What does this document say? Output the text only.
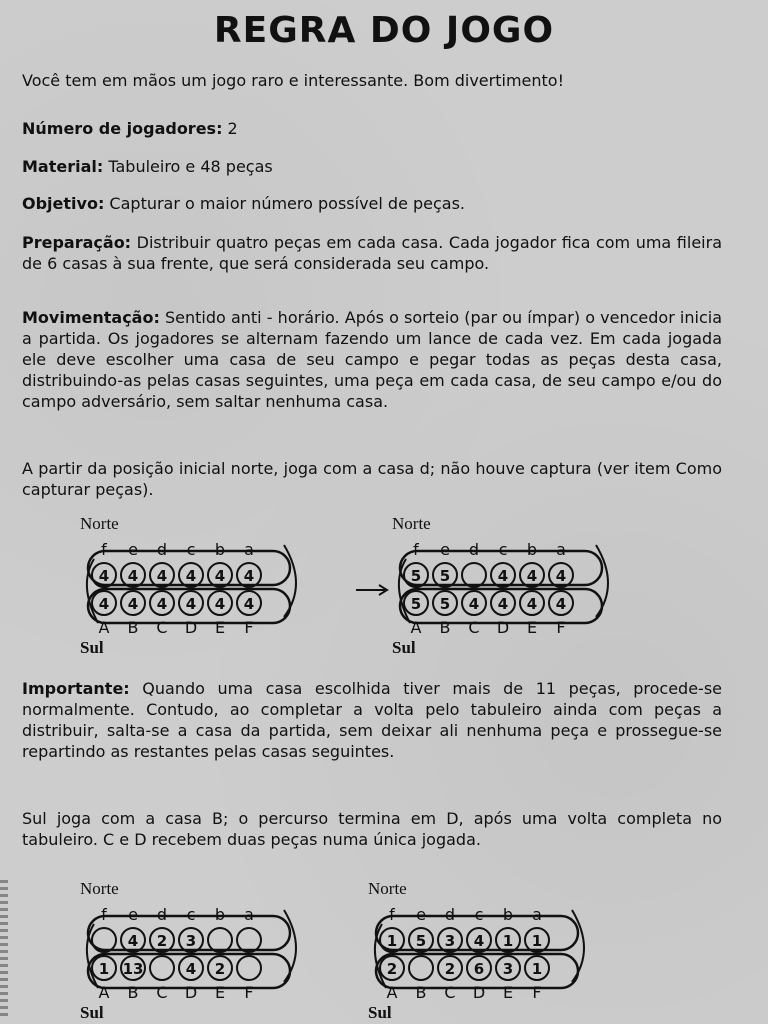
REGRA DO JOGO
Você tem em mãos um jogo raro e interessante. Bom divertimento!
Número de jogadores: 2
Material: Tabuleiro e 48 peças
Objetivo: Capturar o maior número possível de peças.
Preparação: Distribuir quatro peças em cada casa. Cada jogador fica com uma fileira de 6 casas à sua frente, que será considerada seu campo.
Movimentação: Sentido anti - horário. Após o sorteio (par ou ímpar) o vencedor inicia a partida. Os jogadores se alternam fazendo um lance de cada vez. Em cada jogada ele deve escolher uma casa de seu campo e pegar todas as peças desta casa, distribuindo-as pelas casas seguintes, uma peça em cada casa, de seu campo e/ou do campo adversário, sem saltar nenhuma casa.
A partir da posição inicial norte, joga com a casa d; não houve captura (ver item Como capturar peças).
Norte
Sul
f
4
4
A
e
4
4
B
d
4
4
C
c
4
4
D
b
4
4
E
a
4
4
F
Norte
Sul
f
5
5
A
e
5
5
B
d
4
C
c
4
4
D
b
4
4
E
a
4
4
F
Importante: Quando uma casa escolhida tiver mais de 11 peças, procede-se normalmente. Contudo, ao completar a volta pelo tabuleiro ainda com peças a distribuir, salta-se a casa da partida, sem deixar ali nenhuma peça e prossegue-se repartindo as restantes pelas casas seguintes.
Sul joga com a casa B; o percurso termina em D, após uma volta completa no tabuleiro. C e D recebem duas peças numa única jogada.
Norte
Sul
f
1
A
e
4
13
B
d
2
C
c
3
4
D
b
2
E
a
F
Norte
Sul
f
1
2
A
e
5
B
d
3
2
C
c
4
6
D
b
1
3
E
a
1
1
F
